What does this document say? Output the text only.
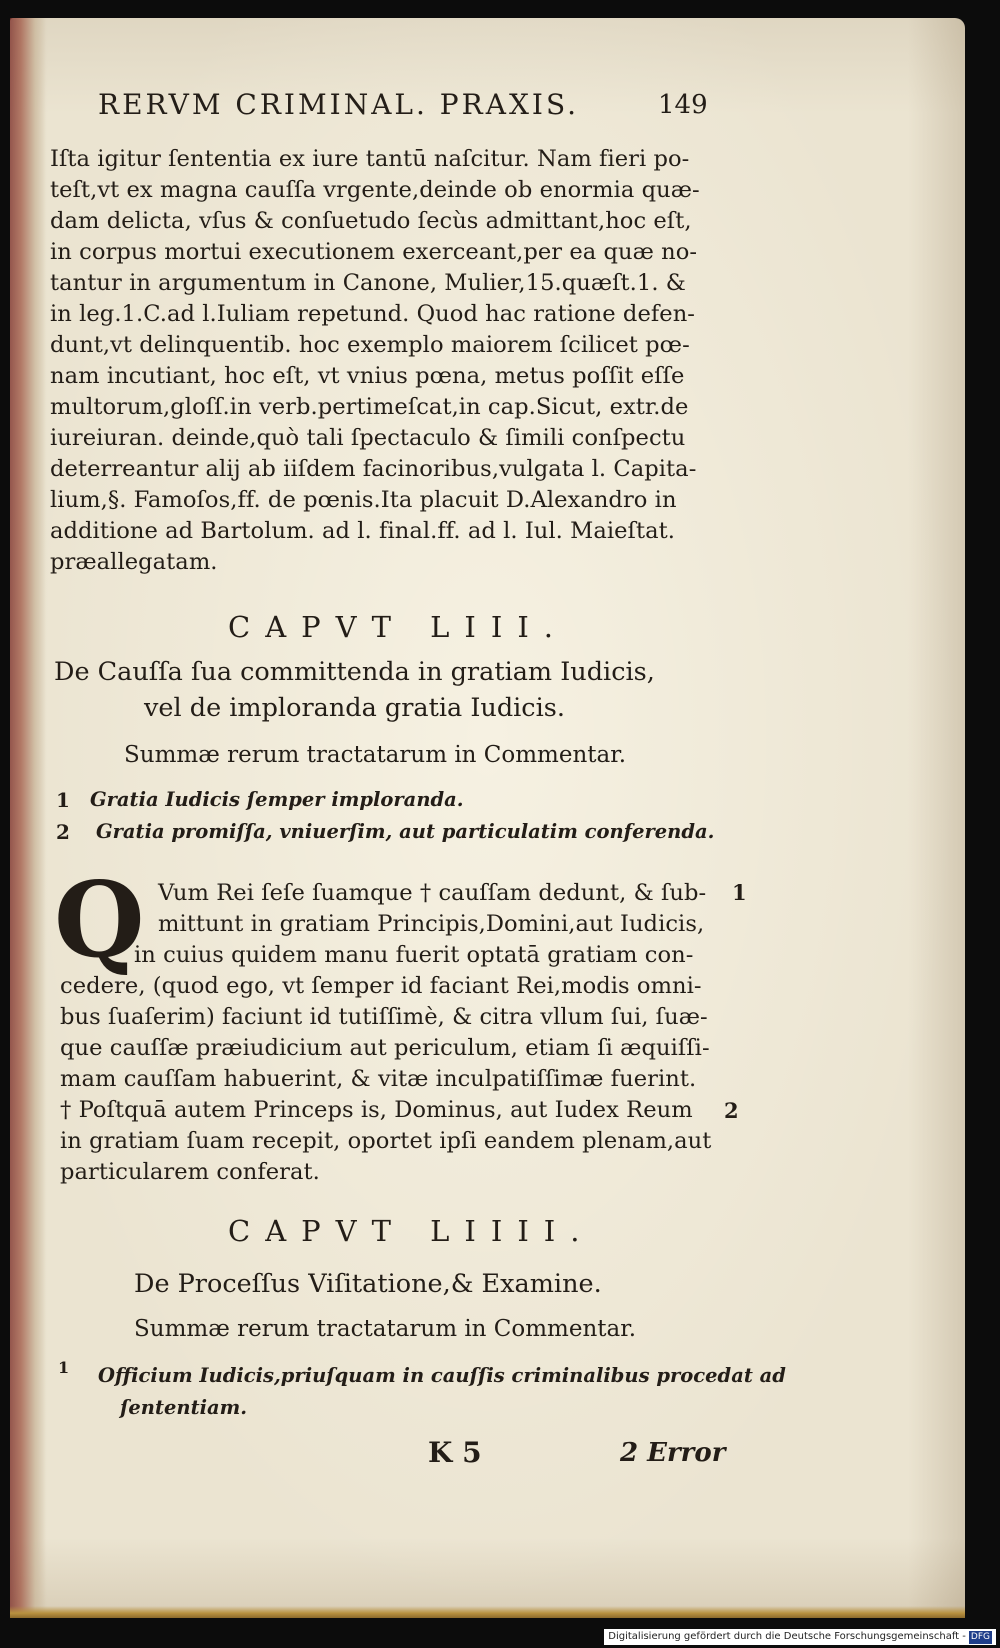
RERVM CRIMINAL. PRAXIS.	149
Iſta igitur ſententia ex iure tantū naſcitur. Nam fieri po-
teſt,vt ex magna cauſſa vrgente,deinde ob enormia quæ-
dam delicta, vſus & conſuetudo ſecùs admittant,hoc eſt,
in corpus mortui executionem exerceant,per ea quæ no-
tantur in argumentum in Canone, Mulier,15.quæſt.1. &
in leg.1.C.ad l.Iuliam repetund. Quod hac ratione defen-
dunt,vt delinquentib. hoc exemplo maiorem ſcilicet pœ-
nam incutiant, hoc eſt, vt vnius pœna, metus poſſit eſſe
multorum,gloſſ.in verb.pertimeſcat,in cap.Sicut, extr.de
iureiuran. deinde,quò tali ſpectaculo & ſimili conſpectu
deterreantur alij ab iiſdem facinoribus,vulgata l. Capita-
lium,§. Famoſos,ff. de pœnis.Ita placuit D.Alexandro in
additione ad Bartolum. ad l. final.ff. ad l. Iul. Maieſtat.
præallegatam.
CAPVT LIII.
De Cauſſa ſua committenda in gratiam Iudicis,
vel de imploranda gratia Iudicis.
Summæ rerum tractatarum in Commentar.
1 Gratia Iudicis ſemper imploranda.
2 Gratia promiſſa, vniuerſim, aut particulatim conferenda.
Q Vum Rei ſeſe ſuamque † cauſſam dedunt, & ſub-
mittunt in gratiam Principis,Domini,aut Iudicis,
in cuius quidem manu fuerit optatā gratiam con-
cedere, (quod ego, vt ſemper id faciant Rei,modis omni-
bus ſuaſerim) faciunt id tutiſſimè, & citra vllum ſui, ſuæ-
que cauſſæ præiudicium aut periculum, etiam ſi æquiſſi-
mam cauſſam habuerint, & vitæ inculpatiſſimæ fuerint.
† Poſtquā autem Princeps is, Dominus, aut Iudex Reum
in gratiam ſuam recepit, oportet ipſi eandem plenam,aut
particularem conferat.
1
2
CAPVT LIIII.
De Proceſſus Viſitatione,& Examine.
Summæ rerum tractatarum in Commentar.
1 Officium Iudicis,priuſquam in cauſſis criminalibus procedat ad
ſententiam.
K 5	2 Error
Digitalisierung gefördert durch die Deutsche Forschungsgemeinschaft - DFG
